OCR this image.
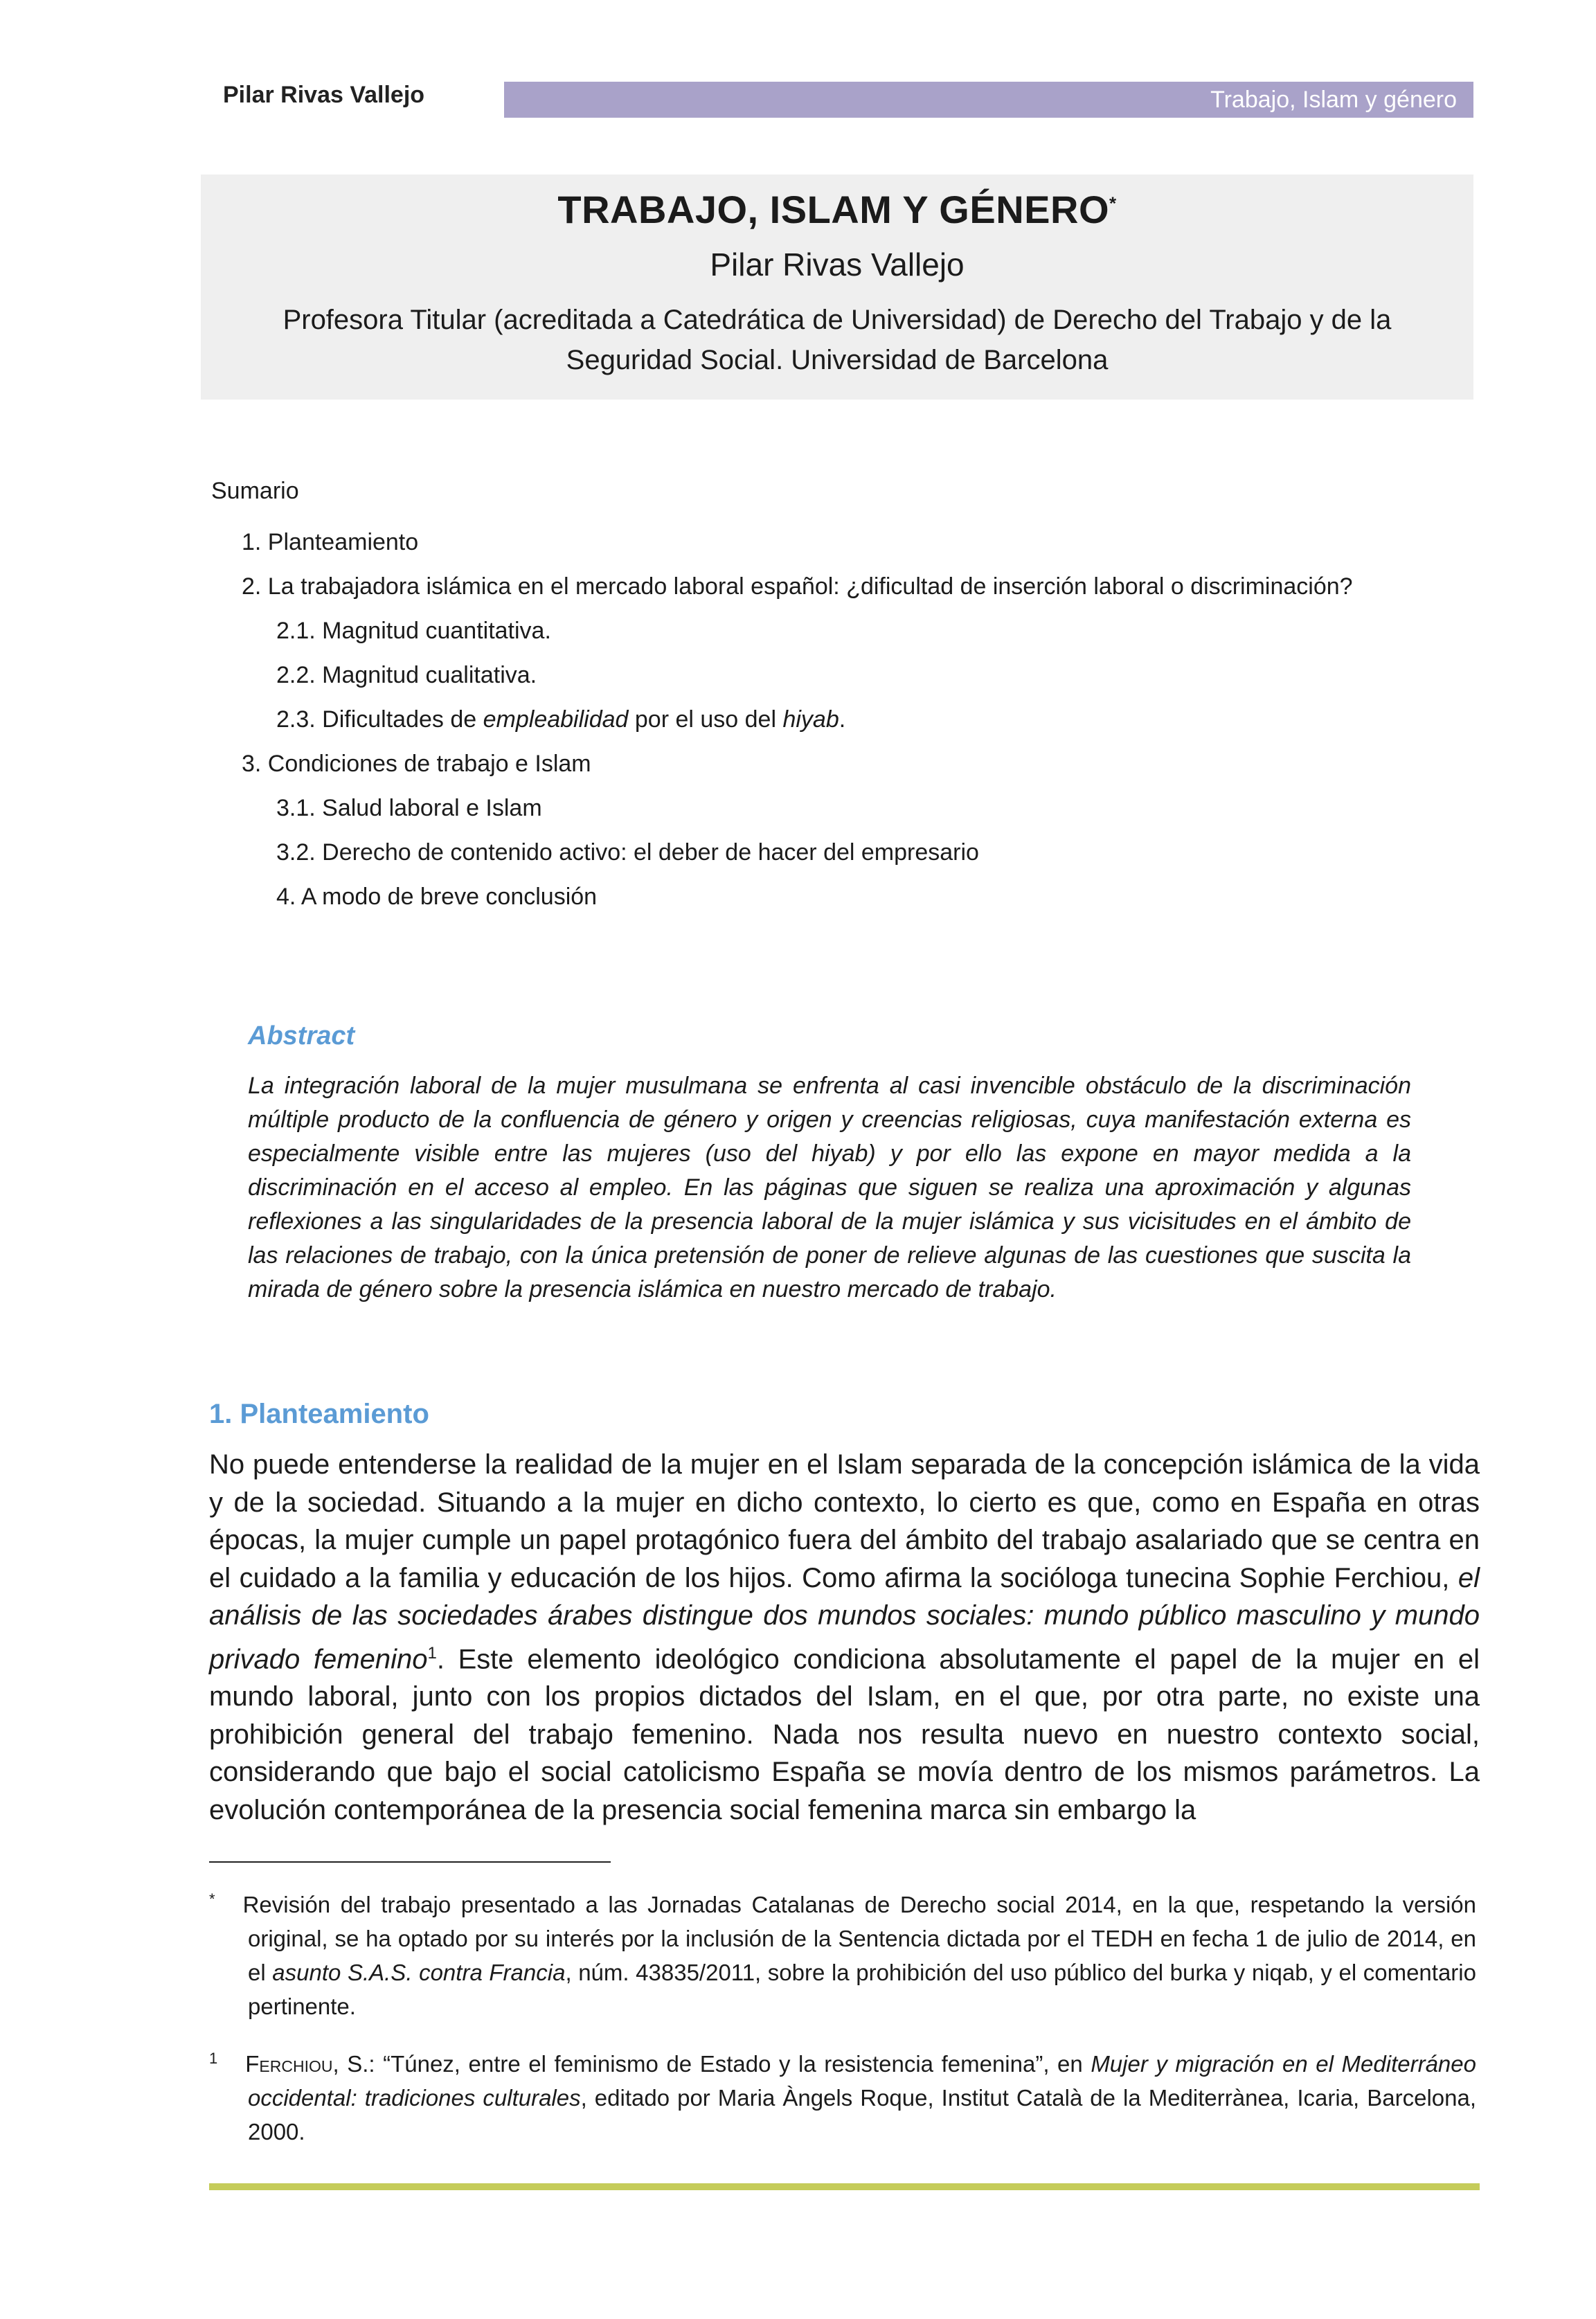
Pilar Rivas Vallejo	Trabajo, Islam y género
TRABAJO, ISLAM Y GÉNERO*
Pilar Rivas Vallejo
Profesora Titular (acreditada a Catedrática de Universidad) de Derecho del Trabajo y de la Seguridad Social. Universidad de Barcelona
Sumario
1. Planteamiento
2. La trabajadora islámica en el mercado laboral español: ¿dificultad de inserción laboral o discriminación?
2.1. Magnitud cuantitativa.
2.2. Magnitud cualitativa.
2.3. Dificultades de empleabilidad por el uso del hiyab.
3. Condiciones de trabajo e Islam
3.1. Salud laboral e Islam
3.2. Derecho de contenido activo: el deber de hacer del empresario
4. A modo de breve conclusión
Abstract

La integración laboral de la mujer musulmana se enfrenta al casi invencible obstáculo de la discriminación múltiple producto de la confluencia de género y origen y creencias religiosas, cuya manifestación externa es especialmente visible entre las mujeres (uso del hiyab) y por ello las expone en mayor medida a la discriminación en el acceso al empleo. En las páginas que siguen se realiza una aproximación y algunas reflexiones a las singularidades de la presencia laboral de la mujer islámica y sus vicisitudes en el ámbito de las relaciones de trabajo, con la única pretensión de poner de relieve algunas de las cuestiones que suscita la mirada de género sobre la presencia islámica en nuestro mercado de trabajo.

1. Planteamiento

No puede entenderse la realidad de la mujer en el Islam separada de la concepción islámica de la vida y de la sociedad. Situando a la mujer en dicho contexto, lo cierto es que, como en España en otras épocas, la mujer cumple un papel protagónico fuera del ámbito del trabajo asalariado que se centra en el cuidado a la familia y educación de los hijos. Como afirma la socióloga tunecina Sophie Ferchiou, el análisis de las sociedades árabes distingue dos mundos sociales: mundo público masculino y mundo privado femenino$^1$. Este elemento ideológico condiciona absolutamente el papel de la mujer en el mundo laboral, junto con los propios dictados del Islam, en el que, por otra parte, no existe una prohibición general del trabajo femenino. Nada nos resulta nuevo en nuestro contexto social, considerando que bajo el social catolicismo España se movía dentro de los mismos parámetros. La evolución contemporánea de la presencia social femenina marca sin embargo la

* Revisión del trabajo presentado a las Jornadas Catalanas de Derecho social 2014, en la que, respetando la versión original, se ha optado por su interés por la inclusión de la Sentencia dictada por el TEDH en fecha 1 de julio de 2014, en el asunto S.A.S. contra Francia, núm. 43835/2011, sobre la prohibición del uso público del burka y niqab, y el comentario pertinente.

$^1$ Ferchiou, S.: “Túnez, entre el feminismo de Estado y la resistencia femenina”, en Mujer y migración en el Mediterráneo occidental: tradiciones culturales, editado por Maria Àngels Roque, Institut Català de la Mediterrànea, Icaria, Barcelona, 2000.
